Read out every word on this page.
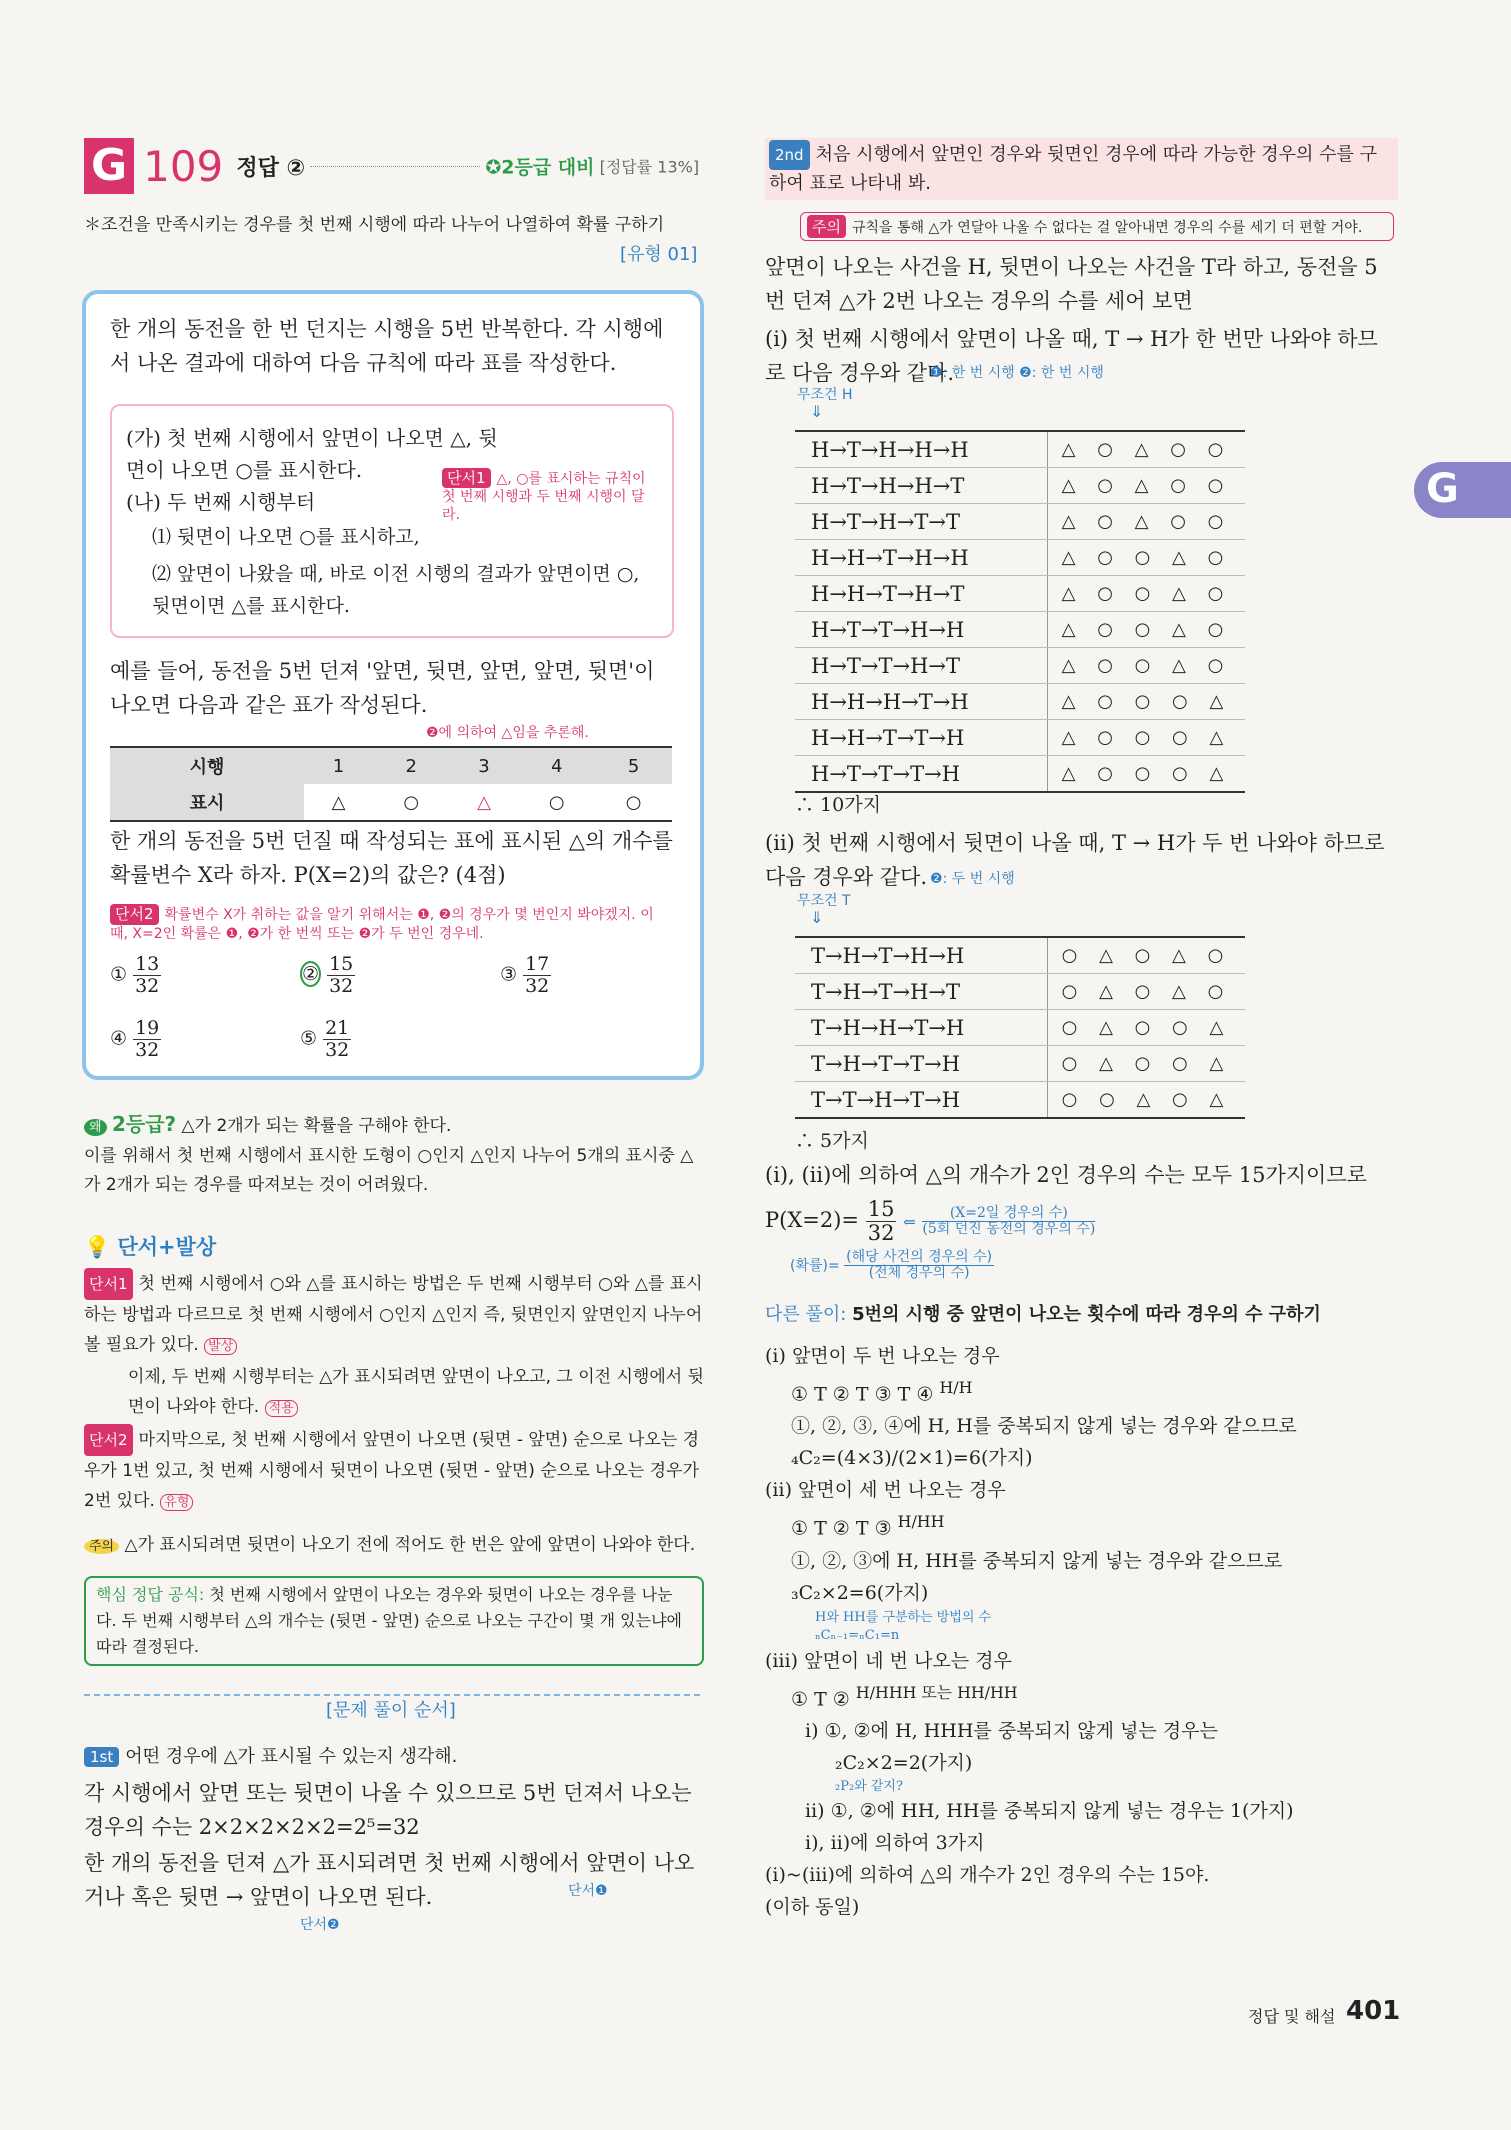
G 109 정답 ②	✪2등급 대비 [정답률 13%]
＊조건을 만족시키는 경우를 첫 번째 시행에 따라 나누어 나열하여 확률 구하기
[유형 01]
한 개의 동전을 한 번 던지는 시행을 5번 반복한다. 각 시행에서 나온 결과에 대하여 다음 규칙에 따라 표를 작성한다.
(가) 첫 번째 시행에서 앞면이 나오면 △, 뒷면이 나오면 ○를 표시한다.
(나) 두 번째 시행부터
⑴ 뒷면이 나오면 ○를 표시하고,
⑵ 앞면이 나왔을 때, 바로 이전 시행의 결과가 앞면이면 ○, 뒷면이면 △를 표시한다.
단서1 △, ○를 표시하는 규칙이 첫 번째 시행과 두 번째 시행이 달라.
예를 들어, 동전을 5번 던져 '앞면, 뒷면, 앞면, 앞면, 뒷면'이 나오면 다음과 같은 표가 작성된다.
❷에 의하여 △임을 추론해.
시행	1	2	3	4	5
표시	△	○	△	○	○
한 개의 동전을 5번 던질 때 작성되는 표에 표시된 △의 개수를 확률변수 X라 하자. P(X=2)의 값은? (4점)
단서2 확률변수 X가 취하는 값을 알기 위해서는 ❶, ❷의 경우가 몇 번인지 봐야겠지. 이때, X=2인 확률은 ❶, ❷가 한 번씩 또는 ❷가 두 번인 경우네.
① $\frac{13}{32}$	② $\frac{15}{32}$	③ $\frac{17}{32}$
④ $\frac{19}{32}$	⑤ $\frac{21}{32}$
왜 2등급? △가 2개가 되는 확률을 구해야 한다.
이를 위해서 첫 번째 시행에서 표시한 도형이 ○인지 △인지 나누어 5개의 표시중 △가 2개가 되는 경우를 따져보는 것이 어려웠다.
💡 단서+발상
단서1 첫 번째 시행에서 ○와 △를 표시하는 방법은 두 번째 시행부터 ○와 △를 표시하는 방법과 다르므로 첫 번째 시행에서 ○인지 △인지 즉, 뒷면인지 앞면인지 나누어 볼 필요가 있다. 발상
이제, 두 번째 시행부터는 △가 표시되려면 앞면이 나오고, 그 이전 시행에서 뒷면이 나와야 한다. 적용
단서2 마지막으로, 첫 번째 시행에서 앞면이 나오면 (뒷면 - 앞면) 순으로 나오는 경우가 1번 있고, 첫 번째 시행에서 뒷면이 나오면 (뒷면 - 앞면) 순으로 나오는 경우가 2번 있다. 유형
주의 △가 표시되려면 뒷면이 나오기 전에 적어도 한 번은 앞에 앞면이 나와야 한다.
핵심 정답 공식: 첫 번째 시행에서 앞면이 나오는 경우와 뒷면이 나오는 경우를 나눈다. 두 번째 시행부터 △의 개수는 (뒷면 - 앞면) 순으로 나오는 구간이 몇 개 있는냐에 따라 결정된다.
[문제 풀이 순서]
1st 어떤 경우에 △가 표시될 수 있는지 생각해.
각 시행에서 앞면 또는 뒷면이 나올 수 있으므로 5번 던져서 나오는 경우의 수는 2×2×2×2×2=2⁵=32
한 개의 동전을 던져 △가 표시되려면 첫 번째 시행에서 앞면이 나오거나 혹은 뒷면 → 앞면이 나오면 된다.	단서❶
단서❷
2nd 처음 시행에서 앞면인 경우와 뒷면인 경우에 따라 가능한 경우의 수를 구하여 표로 나타내 봐.
주의 규칙을 통해 △가 연달아 나올 수 없다는 걸 알아내면 경우의 수를 세기 더 편할 거야.
앞면이 나오는 사건을 H, 뒷면이 나오는 사건을 T라 하고, 동전을 5번 던져 △가 2번 나오는 경우의 수를 세어 보면
(ⅰ) 첫 번째 시행에서 앞면이 나올 때, T → H가 한 번만 나와야 하므로 다음 경우와 같다.
❶: 한 번 시행 ❷: 한 번 시행
무조건 H
⇓
H→T→H→H→H	△ ○ △ ○ ○
H→T→H→H→T	△ ○ △ ○ ○
H→T→H→T→T	△ ○ △ ○ ○
H→H→T→H→H	△ ○ ○ △ ○
H→H→T→H→T	△ ○ ○ △ ○
H→T→T→H→H	△ ○ ○ △ ○
H→T→T→H→T	△ ○ ○ △ ○
H→H→H→T→H	△ ○ ○ ○ △
H→H→T→T→H	△ ○ ○ ○ △
H→T→T→T→H	△ ○ ○ ○ △
∴ 10가지
(ⅱ) 첫 번째 시행에서 뒷면이 나올 때, T → H가 두 번 나와야 하므로 다음 경우와 같다. ❷: 두 번 시행
무조건 T
⇓
T→H→T→H→H	○ △ ○ △ ○
T→H→T→H→T	○ △ ○ △ ○
T→H→H→T→H	○ △ ○ ○ △
T→H→T→T→H	○ △ ○ ○ △
T→T→H→T→H	○ ○ △ ○ △
∴ 5가지
(ⅰ), (ⅱ)에 의하여 △의 개수가 2인 경우의 수는 모두 15가지이므로
$P(X=2)= \frac{15}{32}$ ⇐ $\frac{\text{(X=2일 경우의 수)}}{\text{(5회 던진 동전의 경우의 수)}}$
(확률)= $\frac{\text{(해당 사건의 경우의 수)}}{\text{(전체 경우의 수)}}$
다른 풀이: 5번의 시행 중 앞면이 나오는 횟수에 따라 경우의 수 구하기
(ⅰ) 앞면이 두 번 나오는 경우
① T ② T ③ T ④ $^{H/H}$
①, ②, ③, ④에 H, H를 중복되지 않게 넣는 경우와 같으므로
₄C₂=(4×3)/(2×1)=6(가지)
(ⅱ) 앞면이 세 번 나오는 경우
① T ② T ③ $^{H/HH}$
①, ②, ③에 H, HH를 중복되지 않게 넣는 경우와 같으므로
₃C₂×2=6(가지)
H와 HH를 구분하는 방법의 수
ₙCₙ₋₁=ₙC₁=n
(ⅲ) 앞면이 네 번 나오는 경우
① T ② $^{H/HHH 또는 HH/HH}$
ⅰ) ①, ②에 H, HHH를 중복되지 않게 넣는 경우는
₂C₂×2=2(가지)
₂P₂와 같지?
ⅱ) ①, ②에 HH, HH를 중복되지 않게 넣는 경우는 1(가지)
ⅰ), ⅱ)에 의하여 3가지
(ⅰ)~(ⅲ)에 의하여 △의 개수가 2인 경우의 수는 15야.
(이하 동일)
G
정답 및 해설 401
